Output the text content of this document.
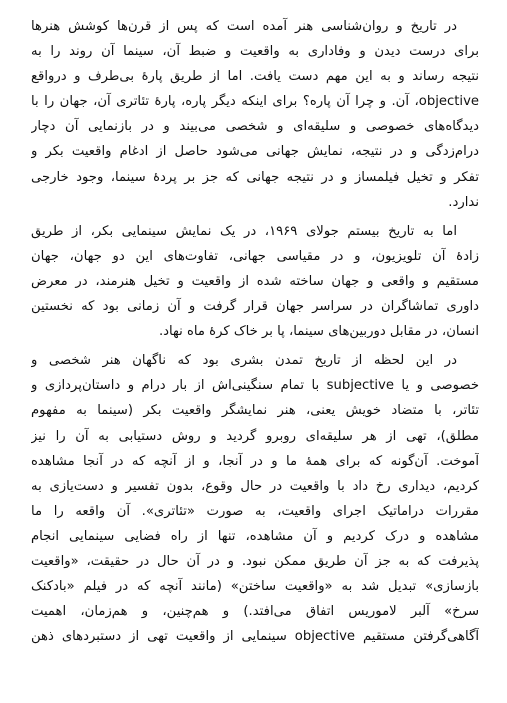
در تاریخ و روان‌شناسی هنر آمده است که پس از قرن‌ها کوشش هنرها
برای درست دیدن و وفاداری به واقعیت و ضبط آن، سینما آن روند را به
نتیجه رساند و به این مهم دست یافت. اما از طریق پارهٔ بی‌طرف و درواقع
objective، آن. و چرا آن پاره؟ برای اینکه دیگر پاره، پارهٔ تئاتری آن، جهان را با
دیدگاه‌های خصوصی و سلیقه‌ای و شخصی می‌بیند و در بازنمایی آن دچار
درام‌زدگی و در نتیجه، نمایش جهانی می‌شود حاصل از ادغام واقعیت بکر و
تفکر و تخیل فیلمساز و در نتیجه جهانی که جز بر پردهٔ سینما، وجود خارجی
ندارد.
اما به تاریخ بیستم جولای ۱۹۶۹، در یک نمایش سینمایی بکر، از طریق
زادهٔ آن تلویزیون، و در مقیاسی جهانی، تفاوت‌های این دو جهان، جهان
مستقیم و واقعی و جهان ساخته شده از واقعیت و تخیل هنرمند، در معرض
داوری تماشاگران در سراسر جهان قرار گرفت و آن زمانی بود که نخستین
انسان، در مقابل دوربین‌های سینما، پا بر خاک کرهٔ ماه نهاد.
در این لحظه از تاریخ تمدن بشری بود که ناگهان هنر شخصی و
خصوصی و یا subjective با تمام سنگینی‌اش از بار درام و داستان‌پردازی و
تئاتر، با متضاد خویش یعنی، هنر نمایشگر واقعیت بکر (سینما به مفهوم
مطلق)، تهی از هر سلیقه‌ای روبرو گردید و روش دستیابی به آن را نیز
آموخت. آن‌گونه که برای همهٔ ما و در آنجا، و از آنچه که در آنجا مشاهده
کردیم، دیداری رخ داد با واقعیت در حال وقوع، بدون تفسیر و دست‌یازی به
مقررات دراماتیک اجرای واقعیت، به صورت «تئاتری». آن واقعه را ما
مشاهده و درک کردیم و آن مشاهده، تنها از راه فضایی سینمایی انجام
پذیرفت که به جز آن طریق ممکن نبود. و در آن حال در حقیقت، «واقعیت
بازسازی» تبدیل شد به «واقعیت ساختن» (مانند آنچه که در فیلم «بادکنک
سرخ» آلبر لاموریس اتفاق می‌افتد.) و هم‌چنین، و هم‌زمان، اهمیت
آگاهی‌گرفتن مستقیم objective سینمایی از واقعیت تهی از دستبردهای ذهن
